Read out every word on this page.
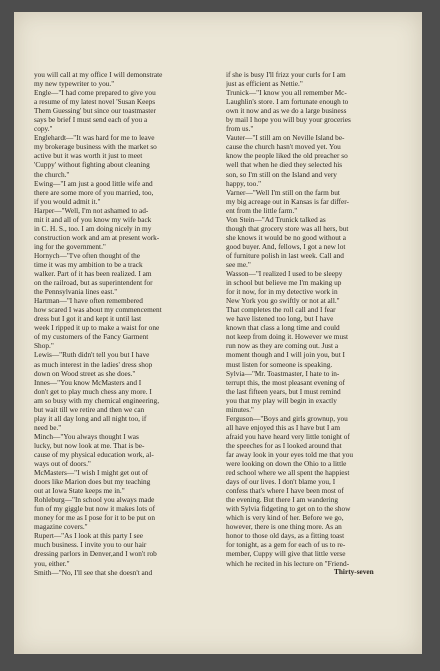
you will call at my office I will demonstrate
my new typewriter to you."
Engle—"I had come prepared to give you
a resume of my latest novel 'Susan Keeps
Them Guessing' but since our toastmaster
says be brief I must send each of you a
copy."
Englehardt—"It was hard for me to leave
my brokerage business with the market so
active but it was worth it just to meet
'Cuppy' without fighting about cleaning
the church."
Ewing—"I am just a good little wife and
there are some more of you married, too,
if you would admit it."
Harper—"Well, I'm not ashamed to ad-
mit it and all of you know my wife back
in C. H. S., too. I am doing nicely in my
construction work and am at present work-
ing for the government."
Hornych—"I've often thought of the
time it was my ambition to be a track
walker. Part of it has been realized. I am
on the railroad, but as superintendent for
the Pennsylvania lines east."
Hartman—"I have often remembered
how scared I was about my commencement
dress but I got it and kept it until last
week I ripped it up to make a waist for one
of my customers of the Fancy Garment
Shop."
Lewis—"Ruth didn't tell you but I have
as much interest in the ladies' dress shop
down on Wood street as she does."
Innes—"You know McMasters and I
don't get to play much chess any more. I
am so busy with my chemical engineering,
but wait till we retire and then we can
play it all day long and all night too, if
need be."
Minch—"You always thought I was
lucky, but now look at me. That is be-
cause of my physical education work, al-
ways out of doors."
McMasters—"I wish I might get out of
doors like Marion does but my teaching
out at Iowa State keeps me in."
Rohleburg—"In school you always made
fun of my giggle but now it makes lots of
money for me as I pose for it to be put on
magazine covers."
Rupert—"As I look at this party I see
much business. I invite you to our hair
dressing parlors in Denver,and I won't rob
you, either."
Smith—"No, I'll see that she doesn't and
if she is busy I'll frizz your curls for I am
just as efficient as Nettie."
Trunick—"I know you all remember Mc-
Laughlin's store. I am fortunate enough to
own it now and as we do a large business
by mail I hope you will buy your groceries
from us."
Vauter—"I still am on Neville Island be-
cause the church hasn't moved yet. You
know the people liked the old preacher so
well that when he died they selected his
son, so I'm still on the Island and very
happy, too."
Varner—"Well I'm still on the farm but
my big acreage out in Kansas is far differ-
ent from the little farm."
Von Stein—"Ad Trunick talked as
though that grocery store was all hers, but
she knows it would be no good without a
good buyer. And, fellows, I got a new lot
of furniture polish in last week. Call and
see me."
Wasson—"I realized I used to be sleepy
in school but believe me I'm making up
for it now, for in my detective work in
New York you go swiftly or not at all."
That completes the roll call and I fear
we have listened too long, but I have
known that class a long time and could
not keep from doing it. However we must
run now as they are coming out. Just a
moment though and I will join you, but I
must listen for someone is speaking.
Sylvia—"Mr. Toastmaster, I hate to in-
terrupt this, the most pleasant evening of
the last fifteen years, but I must remind
you that my play will begin in exactly
minutes."
Ferguson—"Boys and girls grownup, you
all have enjoyed this as I have but I am
afraid you have heard very little tonight of
the speeches for as I looked around that
far away look in your eyes told me that you
were looking on down the Ohio to a little
red school where we all spent the happiest
days of our lives. I don't blame you, I
confess that's where I have been most of
the evening. But there I am wandering
with Sylvia fidgeting to get on to the show
which is very kind of her. Before we go,
however, there is one thing more. As an
honor to those old days, as a fitting toast
for tonight, as a gem for each of us to re-
member, Cuppy will give that little verse
which he recited in his lecture on "Friend-
Thirty-seven
